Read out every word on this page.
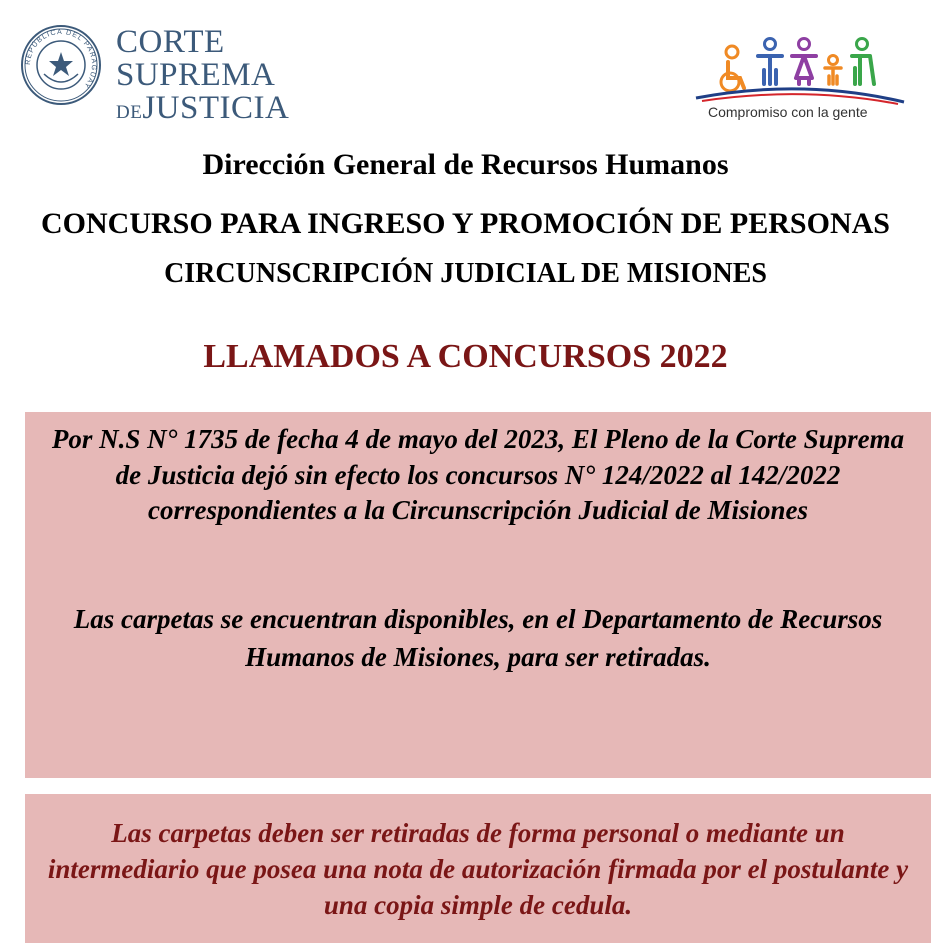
REPÚBLICA DEL PARAGUAY
CORTE
SUPREMA
DEJUSTICIA	Compromiso con la gente
Dirección General de Recursos Humanos
CONCURSO PARA INGRESO Y PROMOCIÓN DE PERSONAS
CIRCUNSCRIPCIÓN JUDICIAL DE MISIONES
LLAMADOS A CONCURSOS 2022
Por N.S N° 1735 de fecha 4 de mayo del 2023, El Pleno de la Corte Suprema de Justicia dejó sin efecto los concursos N° 124/2022 al 142/2022 correspondientes a la Circunscripción Judicial de Misiones
Las carpetas se encuentran disponibles, en el Departamento de Recursos Humanos de Misiones, para ser retiradas.
Las carpetas deben ser retiradas de forma personal o mediante un intermediario que posea una nota de autorización firmada por el postulante y una copia simple de cedula.
